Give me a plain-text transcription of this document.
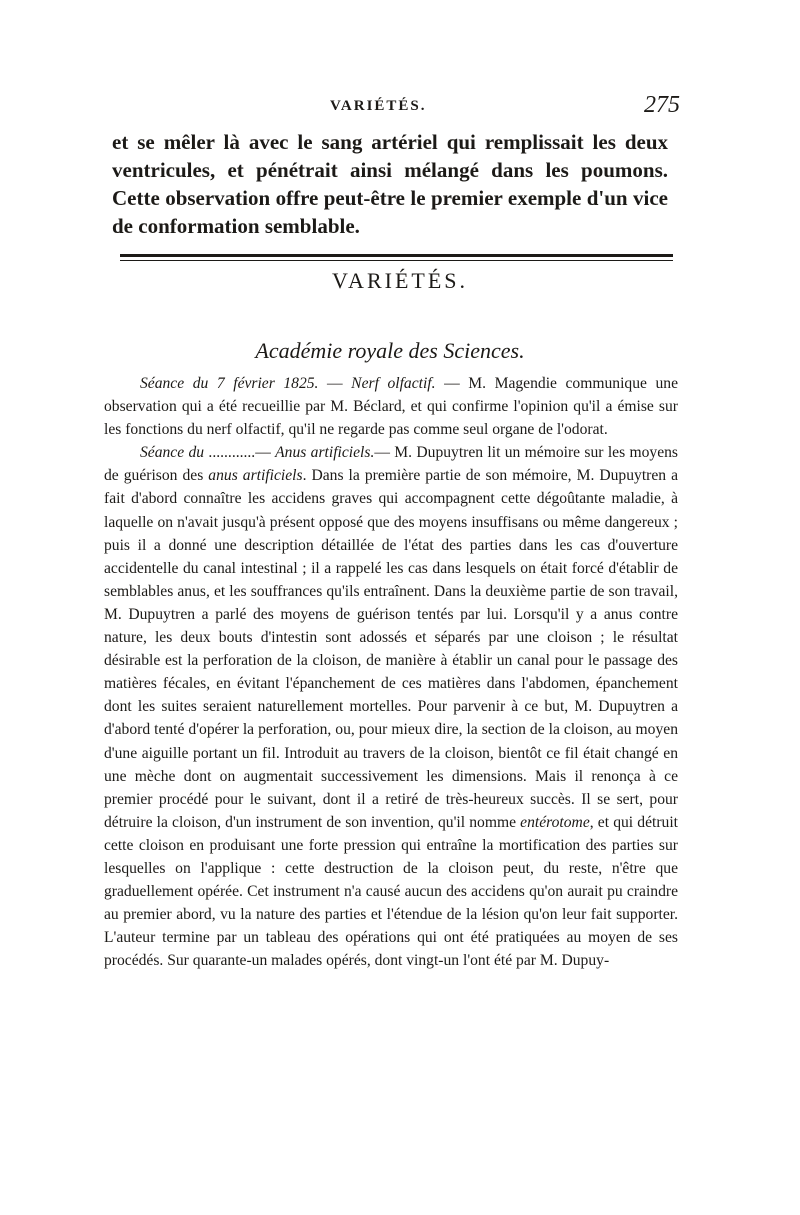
VARIÉTÉS.	275

et se mêler là avec le sang artériel qui remplissait les deux ventricules, et pénétrait ainsi mélangé dans les poumons. Cette observation offre peut-être le premier exemple d'un vice de conformation semblable.

VARIÉTÉS.
Académie royale des Sciences.

Séance du 7 février 1825. — Nerf olfactif. — M. Magendie communique une observation qui a été recueillie par M. Béclard, et qui confirme l'opinion qu'il a émise sur les fonctions du nerf olfactif, qu'il ne regarde pas comme seul organe de l'odorat.

Séance du ............— Anus artificiels.— M. Dupuytren lit un mémoire sur les moyens de guérison des anus artificiels. Dans la première partie de son mémoire, M. Dupuytren a fait d'abord connaître les accidens graves qui accompagnent cette dégoûtante maladie, à laquelle on n'avait jusqu'à présent opposé que des moyens insuffisans ou même dangereux ; puis il a donné une description détaillée de l'état des parties dans les cas d'ouverture accidentelle du canal intestinal ; il a rappelé les cas dans lesquels on était forcé d'établir de semblables anus, et les souffrances qu'ils entraînent. Dans la deuxième partie de son travail, M. Dupuytren a parlé des moyens de guérison tentés par lui. Lorsqu'il y a anus contre nature, les deux bouts d'intestin sont adossés et séparés par une cloison ; le résultat désirable est la perforation de la cloison, de manière à établir un canal pour le passage des matières fécales, en évitant l'épanchement de ces matières dans l'abdomen, épanchement dont les suites seraient naturellement mortelles. Pour parvenir à ce but, M. Dupuytren a d'abord tenté d'opérer la perforation, ou, pour mieux dire, la section de la cloison, au moyen d'une aiguille portant un fil. Introduit au travers de la cloison, bientôt ce fil était changé en une mèche dont on augmentait successivement les dimensions. Mais il renonça à ce premier procédé pour le suivant, dont il a retiré de très-heureux succès. Il se sert, pour détruire la cloison, d'un instrument de son invention, qu'il nomme entérotome, et qui détruit cette cloison en produisant une forte pression qui entraîne la mortification des parties sur lesquelles on l'applique : cette destruction de la cloison peut, du reste, n'être que graduellement opérée. Cet instrument n'a causé aucun des accidens qu'on aurait pu craindre au premier abord, vu la nature des parties et l'étendue de la lésion qu'on leur fait supporter. L'auteur termine par un tableau des opérations qui ont été pratiquées au moyen de ses procédés. Sur quarante-un malades opérés, dont vingt-un l'ont été par M. Dupuy-
